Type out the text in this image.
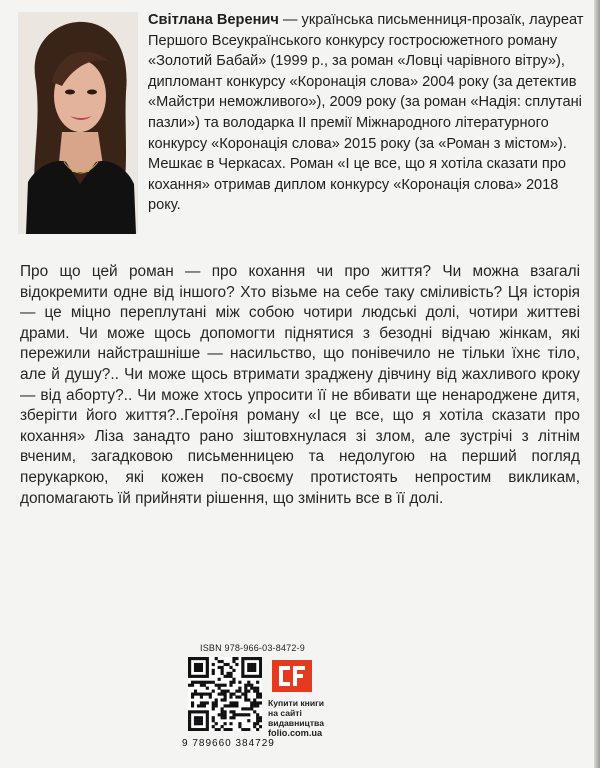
Світлана Веренич — українська письменниця-прозаїк, лауреат Першого Всеукраїнського конкурсу гостросюжетного роману «Золотий Бабай» (1999 р., за роман «Ловці чарівного вітру»), дипломант конкурсу «Коронація слова» 2004 року (за детектив «Майстри неможливого»), 2009 року (за роман «Надія: сплутані пазли») та володарка ІІ премії Міжнародного літературного конкурсу «Коронація слова» 2015 року (за «Роман з містом»). Мешкає в Черкасах. Роман «І це все, що я хотіла сказати про кохання» отримав диплом конкурсу «Коронація слова» 2018 року.

Про що цей роман — про кохання чи про життя? Чи можна взагалі відокремити одне від іншого? Хто візьме на себе таку сміливість? Ця історія — це міцно переплутані між собою чотири людські долі, чотири життеві драми. Чи може щось допомогти піднятися з безодні відчаю жінкам, які пережили найстрашніше — насильство, що понівечило не тільки їхнє тіло, але й душу?.. Чи може щось втримати зраджену дівчину від жахливого кроку — від аборту?.. Чи може хтось упросити її не вбивати ще ненароджене дитя, зберігти його життя?..Героїня роману «І це все, що я хотіла сказати про кохання» Ліза занадто рано зіштовхнулася зі злом, але зустрічі з літнім вченим, загадковою письменницею та недолугою на перший погляд перукаркою, які кожен по-своєму протистоять непростим викликам, допомагають їй прийняти рішення, що змінить все в її долі.

ISBN 978-966-03-8472-9
9 789660 384729
Купити книги
на сайті
видавництва
folio.com.ua
